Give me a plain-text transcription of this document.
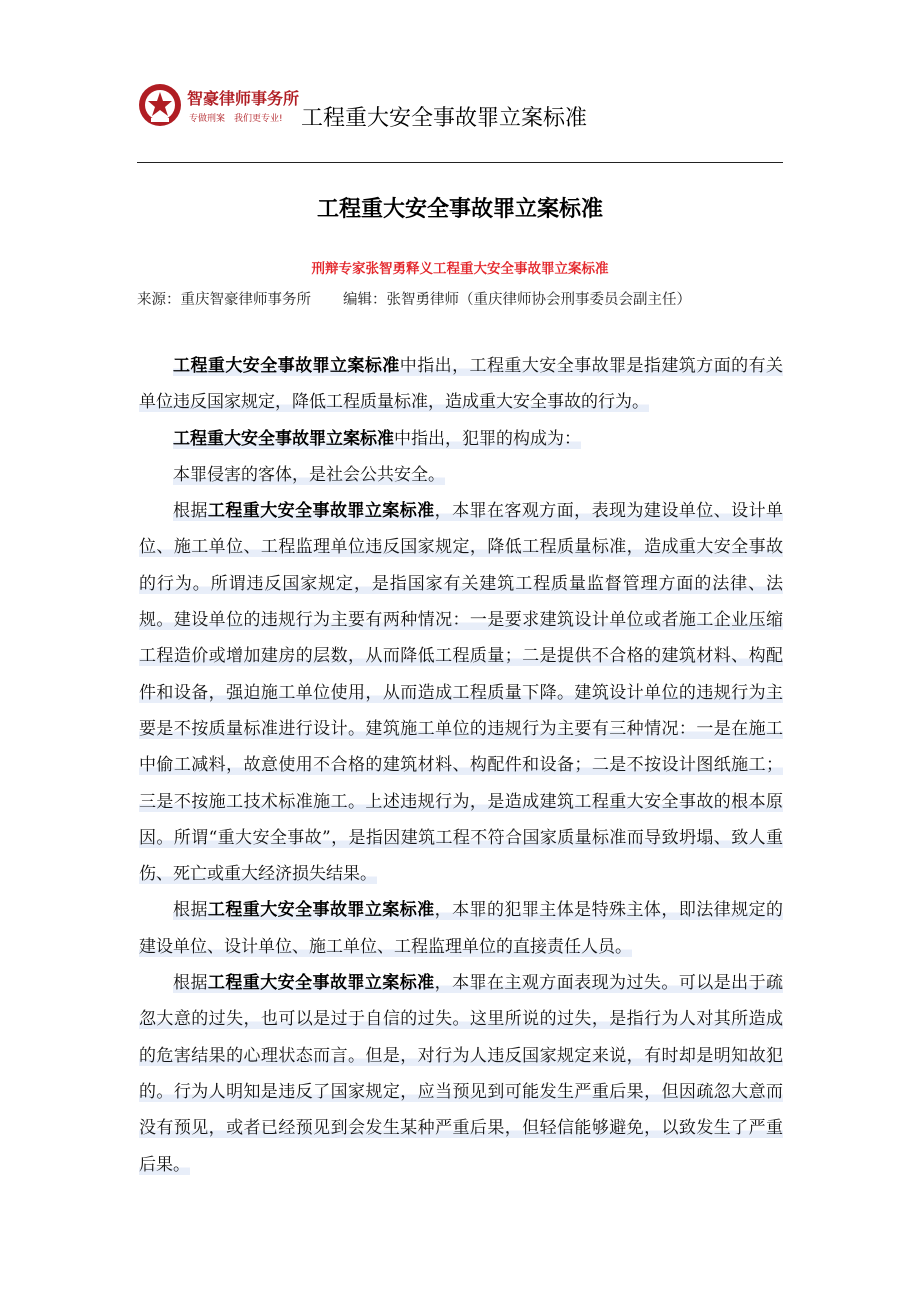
智豪律师事务所
专做刑案　我们更专业! 工程重大安全事故罪立案标准
工程重大安全事故罪立案标准
刑辩专家张智勇释义工程重大安全事故罪立案标准
来源：重庆智豪律师事务所 编辑：张智勇律师（重庆律师协会刑事委员会副主任）

工程重大安全事故罪立案标准中指出，工程重大安全事故罪是指建筑方面的有关单位违反国家规定，降低工程质量标准，造成重大安全事故的行为。

工程重大安全事故罪立案标准中指出，犯罪的构成为：

本罪侵害的客体，是社会公共安全。

根据工程重大安全事故罪立案标准，本罪在客观方面，表现为建设单位、设计单位、施工单位、工程监理单位违反国家规定，降低工程质量标准，造成重大安全事故的行为。所谓违反国家规定，是指国家有关建筑工程质量监督管理方面的法律、法规。建设单位的违规行为主要有两种情况：一是要求建筑设计单位或者施工企业压缩工程造价或增加建房的层数，从而降低工程质量；二是提供不合格的建筑材料、构配件和设备，强迫施工单位使用，从而造成工程质量下降。建筑设计单位的违规行为主要是不按质量标准进行设计。建筑施工单位的违规行为主要有三种情况：一是在施工中偷工减料，故意使用不合格的建筑材料、构配件和设备；二是不按设计图纸施工；三是不按施工技术标准施工。上述违规行为，是造成建筑工程重大安全事故的根本原因。所谓“重大安全事故”，是指因建筑工程不符合国家质量标准而导致坍塌、致人重伤、死亡或重大经济损失结果。

根据工程重大安全事故罪立案标准，本罪的犯罪主体是特殊主体，即法律规定的建设单位、设计单位、施工单位、工程监理单位的直接责任人员。

根据工程重大安全事故罪立案标准，本罪在主观方面表现为过失。可以是出于疏忽大意的过失，也可以是过于自信的过失。这里所说的过失，是指行为人对其所造成的危害结果的心理状态而言。但是，对行为人违反国家规定来说，有时却是明知故犯的。行为人明知是违反了国家规定，应当预见到可能发生严重后果，但因疏忽大意而没有预见，或者已经预见到会发生某种严重后果，但轻信能够避免，以致发生了严重后果。
